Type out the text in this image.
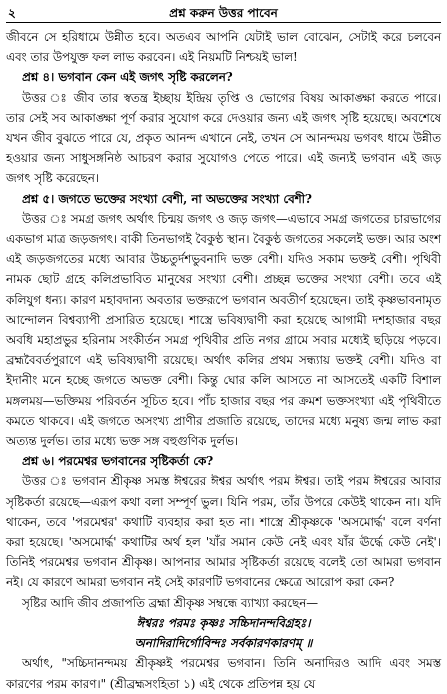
২	প্রশ্ন করুন উত্তর পাবেন

জীবনে সে হরিধামে উন্নীত হবে। অতএব আপনি যেটাই ভাল বোঝেন, সেটাই করে চলবেন এবং তার উপযুক্ত ফল লাভ করবেন। এই নিয়মটি নিশ্চয়ই ভাল!

প্রশ্ন ৪। ভগবান কেন এই জগৎ সৃষ্টি করলেন?

উত্তর ঃ জীব তার স্বতন্ত্র ইচ্ছায় ইন্দ্রিয় তৃপ্তি ও ভোগের বিষয় আকাঙ্ক্ষা করতে পারে। তার সেই সব আকাঙ্ক্ষা পূর্ণ করার সুযোগ করে দেওয়ার জন্য এই জগৎ সৃষ্টি হয়েছে। অবশেষে যখন জীব বুঝতে পারে যে, প্রকৃত আনন্দ এখানে নেই, তখন সে আনন্দময় ভগবৎ ধামে উন্নীত হওয়ার জন্য সাধুসঙ্গনিষ্ঠ আচরণ করার সুযোগও পেতে পারে। এই জন্যই ভগবান এই জড় জগৎ সৃষ্টি করেছেন।

প্রশ্ন ৫। জগতে ভক্তের সংখ্যা বেশী, না অভক্তের সংখ্যা বেশী?

উত্তর ঃ সমগ্র জগৎ অর্থাৎ চিন্ময় জগৎ ও জড় জগৎ—এভাবে সমগ্র জগতের চারভাগের একভাগ মাত্র জড়জগৎ। বাকী তিনভাগই বৈকুণ্ঠ স্থান। বৈকুণ্ঠ জগতের সকলেই ভক্ত। আর অংশ এই জড়জগতের মধ্যে আবার উচ্চতুর্দশভুবনাদি ভক্ত বেশী। যদিও সকাম ভক্তই বেশী। পৃথিবী নামক ছোট গ্রহে কলিপ্রভাবিত মানুষের সংখ্যা বেশী। প্রচ্ছন্ন ভক্তের সংখ্যা বেশী। তবে এই কলিযুগ ধন্য। কারণ মহাবদান্য অবতার ভক্তরূপে ভগবান অবতীর্ণ হয়েছেন। তাই কৃষ্ণভাবনামৃত আন্দোলন বিশ্বব্যাপী প্রসারিত হয়েছে। শাস্ত্রে ভবিষ্যদ্বাণী করা হয়েছে আগামী দশহাজার বছর অবধি মহাপ্রভুর হরিনাম সংকীর্তন সমগ্র পৃথিবীর প্রতি নগর গ্রামে সবার মধ্যেই ছড়িয়ে পড়বে। ব্রহ্মবৈবর্তপুরাণে এই ভবিষ্যদ্বাণী রয়েছে। অর্থাৎ কলির প্রথম সন্ধ্যায় ভক্তই বেশী। যদিও বা ইদানীং মনে হচ্ছে জগতে অভক্ত বেশী। কিন্তু ঘোর কলি আসতে না আসতেই একটি বিশাল মঙ্গলময়—ভক্তিময় পরিবর্তন সূচিত হবে। পাঁচ হাজার বছর পর ক্রমশ ভক্তসংখ্যা এই পৃথিবীতে কমতে থাকবে। এই জগতে অসংখ্য প্রাণীর প্রজাতি রয়েছে, তাদের মধ্যে মনুষ্য জন্ম লাভ করা অত্যন্ত দুর্লভ। তার মধ্যে ভক্ত সঙ্গ বহুগুণিক দুর্লভ।

প্রশ্ন ৬। পরমেশ্বর ভগবানের সৃষ্টিকর্তা কে?

উত্তর ঃ ভগবান শ্রীকৃষ্ণ সমস্ত ঈশ্বরের ঈশ্বর অর্থাৎ পরম ঈশ্বর। তাই পরম ঈশ্বরের আবার সৃষ্টিকর্তা রয়েছে—এরূপ কথা বলা সম্পূর্ণ ভুল। যিনি পরম, তাঁর উপরে কেউই থাকেন না। যদি থাকেন, তবে 'পরমেশ্বর' কথাটি ব্যবহার করা হত না। শাস্ত্রে শ্রীকৃষ্ণকে 'অসমোর্দ্ধ' বলে বর্ণনা করা হয়েছে। 'অসমোর্দ্ধ' কথাটির অর্থ হল 'যাঁর সমান কেউ নেই এবং যাঁর ঊর্দ্ধে কেউ নেই'। তিনিই পরমেশ্বর ভগবান শ্রীকৃষ্ণ। আপনার আমার সৃষ্টিকর্তা রয়েছে বলেই তো আমরা ভগবান নই। যে কারণে আমরা ভগবান নই সেই কারণটি ভগবানের ক্ষেত্রে আরোপ করা কেন?

সৃষ্টির আদি জীব প্রজাপতি ব্রহ্মা শ্রীকৃষ্ণ সম্বন্ধে ব্যাখ্যা করছেন—

ঈশ্বরঃ পরমঃ কৃষ্ণঃ সচ্চিদানন্দবিগ্রহঃ।

অনাদিরাদির্গোবিন্দঃ সর্বকারণকারণম্ ॥

অর্থাৎ, "সচ্চিদানন্দময় শ্রীকৃষ্ণই পরমেশ্বর ভগবান। তিনি অনাদিরও আদি এবং সমস্ত কারণের পরম কারণ।" (শ্রীব্রহ্মসংহিতা ১) এই থেকে প্রতিপন্ন হয় যে
